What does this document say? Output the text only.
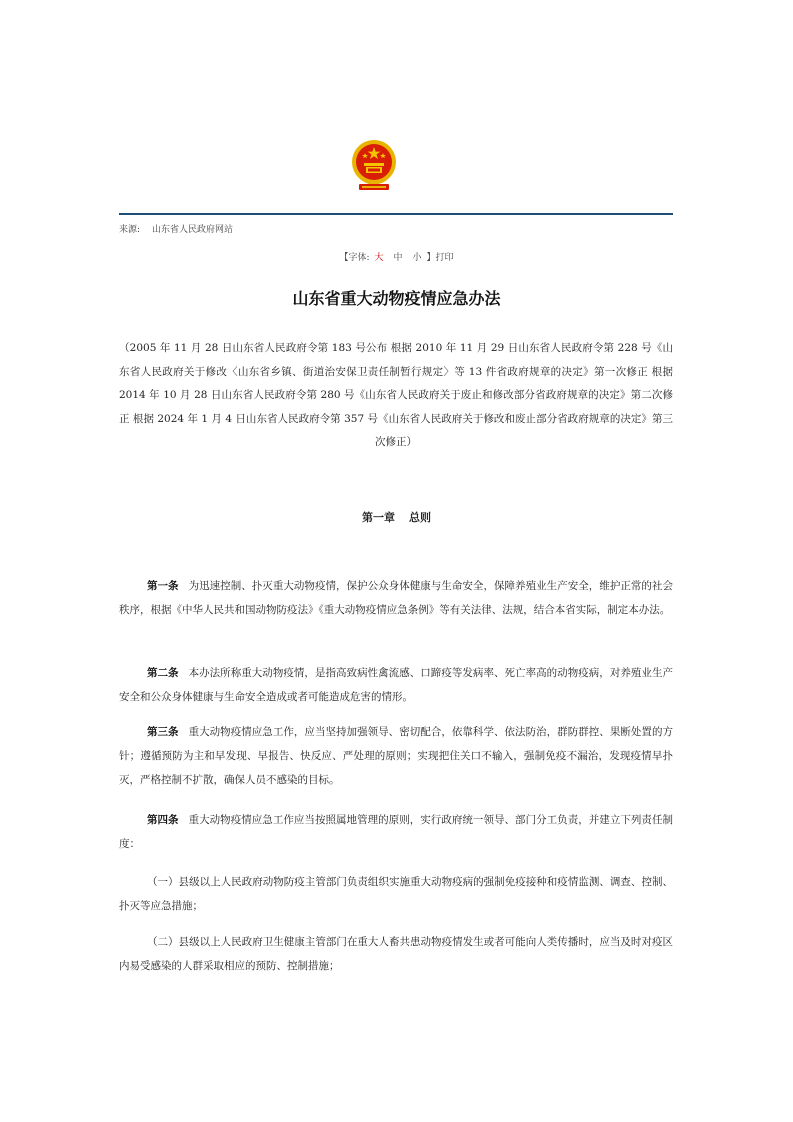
来源: 山东省人民政府网站
【字体: 大 中 小 】打印
山东省重大动物疫情应急办法

（2005 年 11 月 28 日山东省人民政府令第 183 号公布 根据 2010 年 11 月 29 日山东省人民政府令第 228 号《山东省人民政府关于修改〈山东省乡镇、街道治安保卫责任制暂行规定〉等 13 件省政府规章的决定》第一次修正 根据 2014 年 10 月 28 日山东省人民政府令第 280 号《山东省人民政府关于废止和修改部分省政府规章的决定》第二次修正 根据 2024 年 1 月 4 日山东省人民政府令第 357 号《山东省人民政府关于修改和废止部分省政府规章的决定》第三次修正）

第一章 总则

第一条 为迅速控制、扑灭重大动物疫情，保护公众身体健康与生命安全，保障养殖业生产安全，维护正常的社会秩序，根据《中华人民共和国动物防疫法》《重大动物疫情应急条例》等有关法律、法规，结合本省实际，制定本办法。

第二条 本办法所称重大动物疫情，是指高致病性禽流感、口蹄疫等发病率、死亡率高的动物疫病，对养殖业生产安全和公众身体健康与生命安全造成或者可能造成危害的情形。

第三条 重大动物疫情应急工作，应当坚持加强领导、密切配合，依靠科学、依法防治，群防群控、果断处置的方针；遵循预防为主和早发现、早报告、快反应、严处理的原则；实现把住关口不输入，强制免疫不漏治，发现疫情早扑灭，严格控制不扩散，确保人员不感染的目标。

第四条 重大动物疫情应急工作应当按照属地管理的原则，实行政府统一领导、部门分工负责，并建立下列责任制度：

（一）县级以上人民政府动物防疫主管部门负责组织实施重大动物疫病的强制免疫接种和疫情监测、调查、控制、扑灭等应急措施；

（二）县级以上人民政府卫生健康主管部门在重大人畜共患动物疫情发生或者可能向人类传播时，应当及时对疫区内易受感染的人群采取相应的预防、控制措施；
